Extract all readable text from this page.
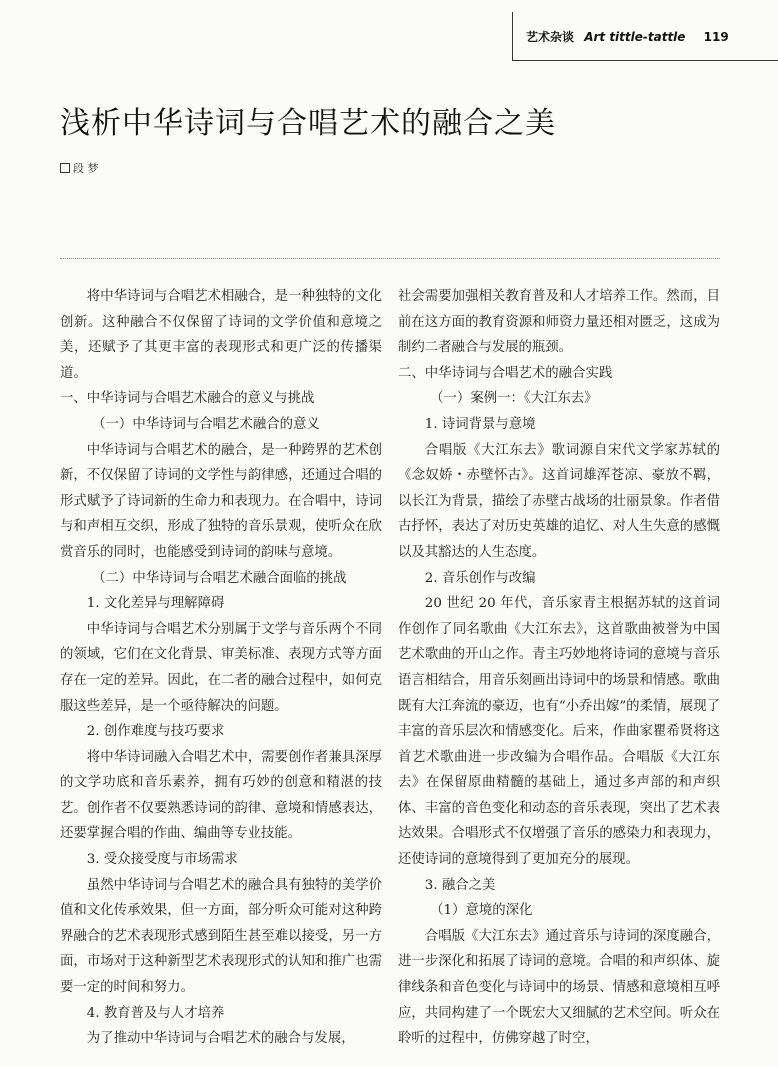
艺术杂谈 Art tittle-tattle 119
浅析中华诗词与合唱艺术的融合之美
段 梦

将中华诗词与合唱艺术相融合，是一种独特的文化创新。这种融合不仅保留了诗词的文学价值和意境之美，还赋予了其更丰富的表现形式和更广泛的传播渠道。

一、中华诗词与合唱艺术融合的意义与挑战

（一）中华诗词与合唱艺术融合的意义

中华诗词与合唱艺术的融合，是一种跨界的艺术创新，不仅保留了诗词的文学性与韵律感，还通过合唱的形式赋予了诗词新的生命力和表现力。在合唱中，诗词与和声相互交织，形成了独特的音乐景观，使听众在欣赏音乐的同时，也能感受到诗词的韵味与意境。

（二）中华诗词与合唱艺术融合面临的挑战

1. 文化差异与理解障碍

中华诗词与合唱艺术分别属于文学与音乐两个不同的领域，它们在文化背景、审美标准、表现方式等方面存在一定的差异。因此，在二者的融合过程中，如何克服这些差异，是一个亟待解决的问题。

2. 创作难度与技巧要求

将中华诗词融入合唱艺术中，需要创作者兼具深厚的文学功底和音乐素养，拥有巧妙的创意和精湛的技艺。创作者不仅要熟悉诗词的韵律、意境和情感表达，还要掌握合唱的作曲、编曲等专业技能。

3. 受众接受度与市场需求

虽然中华诗词与合唱艺术的融合具有独特的美学价值和文化传承效果，但一方面，部分听众可能对这种跨界融合的艺术表现形式感到陌生甚至难以接受，另一方面，市场对于这种新型艺术表现形式的认知和推广也需要一定的时间和努力。

4. 教育普及与人才培养

为了推动中华诗词与合唱艺术的融合与发展，

社会需要加强相关教育普及和人才培养工作。然而，目前在这方面的教育资源和师资力量还相对匮乏，这成为制约二者融合与发展的瓶颈。

二、中华诗词与合唱艺术的融合实践

（一）案例一：《大江东去》

1. 诗词背景与意境

合唱版《大江东去》歌词源自宋代文学家苏轼的《念奴娇・赤壁怀古》。这首词雄浑苍凉、豪放不羁，以长江为背景，描绘了赤壁古战场的壮丽景象。作者借古抒怀，表达了对历史英雄的追忆、对人生失意的感慨以及其豁达的人生态度。

2. 音乐创作与改编

20 世纪 20 年代，音乐家青主根据苏轼的这首词作创作了同名歌曲《大江东去》，这首歌曲被誉为中国艺术歌曲的开山之作。青主巧妙地将诗词的意境与音乐语言相结合，用音乐刻画出诗词中的场景和情感。歌曲既有大江奔流的豪迈，也有“小乔出嫁”的柔情，展现了丰富的音乐层次和情感变化。后来，作曲家瞿希贤将这首艺术歌曲进一步改编为合唱作品。合唱版《大江东去》在保留原曲精髓的基础上，通过多声部的和声织体、丰富的音色变化和动态的音乐表现，突出了艺术表达效果。合唱形式不仅增强了音乐的感染力和表现力，还使诗词的意境得到了更加充分的展现。

3. 融合之美

（1）意境的深化

合唱版《大江东去》通过音乐与诗词的深度融合，进一步深化和拓展了诗词的意境。合唱的和声织体、旋律线条和音色变化与诗词中的场景、情感和意境相互呼应，共同构建了一个既宏大又细腻的艺术空间。听众在聆听的过程中，仿佛穿越了时空，
